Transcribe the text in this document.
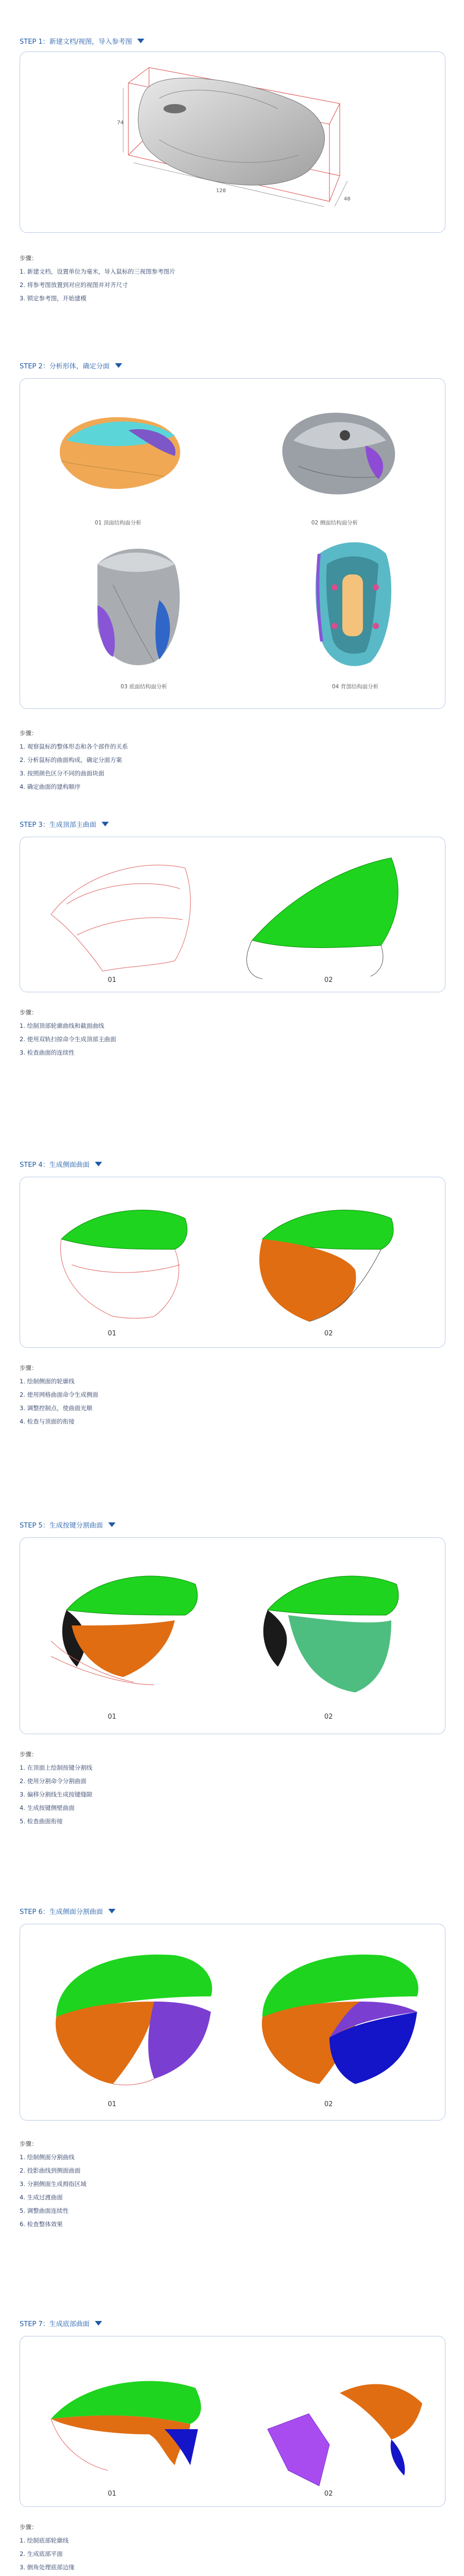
STEP 1：新建文档/视图，导入参考图
74
128
48
步骤：
1. 新建文档，设置单位为毫米，导入鼠标的三视图参考图片
2. 将参考图放置到对应的视图并对齐尺寸
3. 锁定参考图，开始建模
STEP 2：分析形体，确定分面
01 顶面结构面分析	02 侧面结构面分析
03 底面结构面分析	04 背部结构面分析
步骤：
1. 观察鼠标的整体形态和各个部件的关系
2. 分析鼠标的曲面构成，确定分面方案
3. 按照颜色区分不同的曲面块面
4. 确定曲面的建构顺序
STEP 3：生成顶部主曲面
01	02
步骤：
1. 绘制顶部轮廓曲线和截面曲线
2. 使用双轨扫掠命令生成顶部主曲面
3. 检查曲面的连续性
STEP 4：生成侧面曲面
01	02
步骤：
1. 绘制侧面的轮廓线
2. 使用网格曲面命令生成侧面
3. 调整控制点，使曲面光顺
4. 检查与顶面的衔接
STEP 5：生成按键分割曲面
01	02
步骤：
1. 在顶面上绘制按键分割线
2. 使用分割命令分割曲面
3. 偏移分割线生成按键缝隙
4. 生成按键侧壁曲面
5. 检查曲面衔接
STEP 6：生成侧面分割曲面
01	02
步骤：
1. 绘制侧面分割曲线
2. 投影曲线到侧面曲面
3. 分割侧面生成拇指区域
4. 生成过渡曲面
5. 调整曲面连续性
6. 检查整体效果
STEP 7：生成底部曲面
01	02
步骤：
1. 绘制底部轮廓线
2. 生成底部平面
3. 倒角处理底部边缘
